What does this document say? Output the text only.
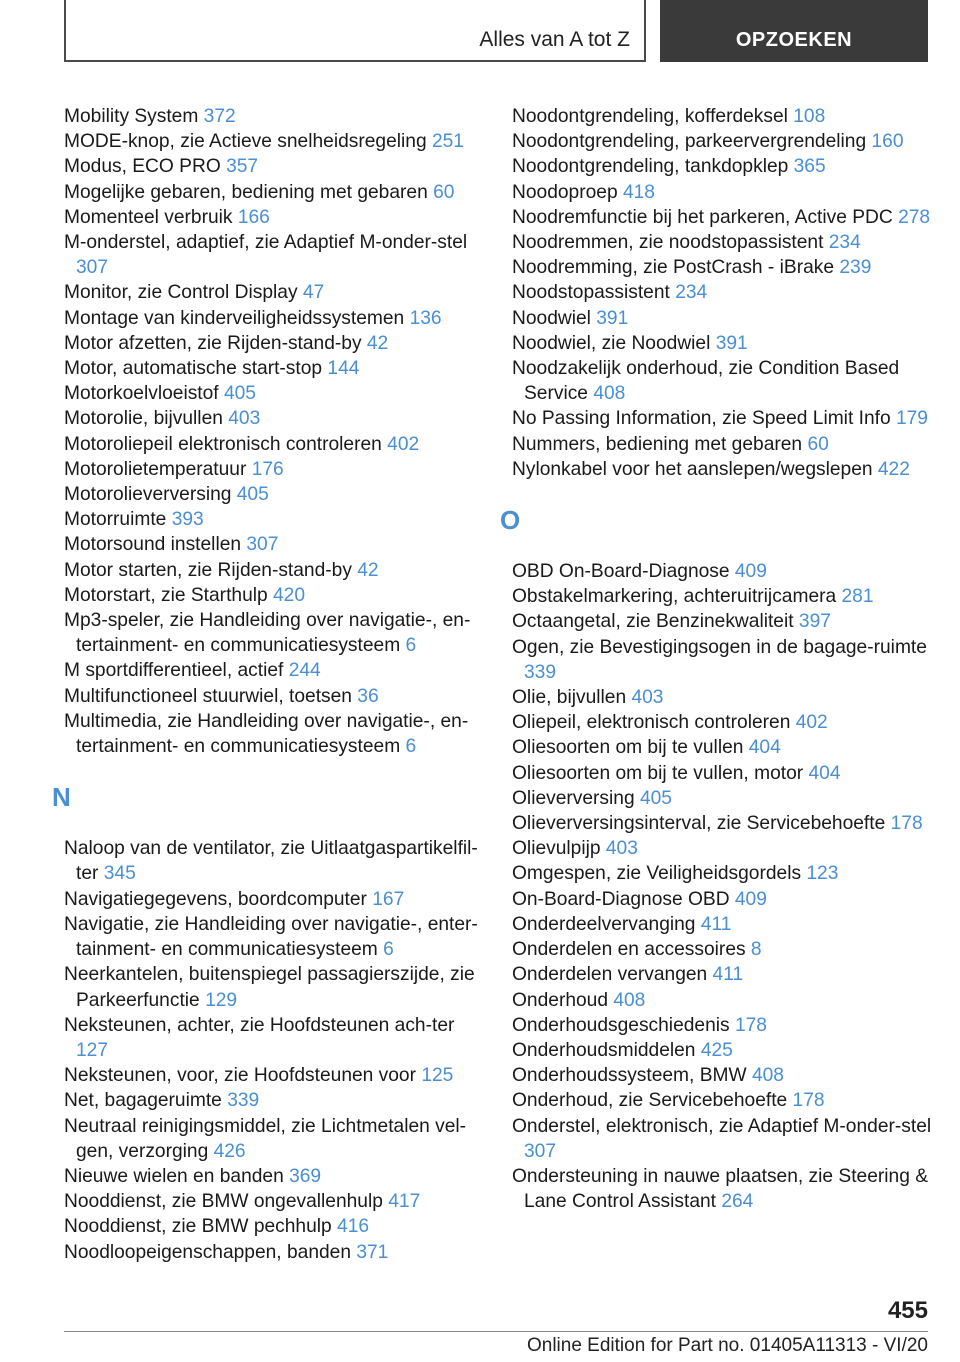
Alles van A tot Z	OPZOEKEN
Mobility System 372
MODE-knop, zie Actieve snelheidsregeling 251
Modus, ECO PRO 357
Mogelijke gebaren, bediening met gebaren 60
Momenteel verbruik 166
M-onderstel, adaptief, zie Adaptief M-onder-stel 307
Monitor, zie Control Display 47
Montage van kinderveiligheidssystemen 136
Motor afzetten, zie Rijden-stand-by 42
Motor, automatische start-stop 144
Motorkoelvloeistof 405
Motorolie, bijvullen 403
Motoroliepeil elektronisch controleren 402
Motorolietemperatuur 176
Motorolieverversing 405
Motorruimte 393
Motorsound instellen 307
Motor starten, zie Rijden-stand-by 42
Motorstart, zie Starthulp 420
Mp3-speler, zie Handleiding over navigatie-, en-tertainment- en communicatiesysteem 6
M sportdifferentieel, actief 244
Multifunctioneel stuurwiel, toetsen 36
Multimedia, zie Handleiding over navigatie-, en-tertainment- en communicatiesysteem 6
N
Naloop van de ventilator, zie Uitlaatgaspartikelfil-ter 345
Navigatiegegevens, boordcomputer 167
Navigatie, zie Handleiding over navigatie-, enter-tainment- en communicatiesysteem 6
Neerkantelen, buitenspiegel passagierszijde, zie Parkeerfunctie 129
Neksteunen, achter, zie Hoofdsteunen ach-ter 127
Neksteunen, voor, zie Hoofdsteunen voor 125
Net, bagageruimte 339
Neutraal reinigingsmiddel, zie Lichtmetalen vel-gen, verzorging 426
Nieuwe wielen en banden 369
Nooddienst, zie BMW ongevallenhulp 417
Nooddienst, zie BMW pechhulp 416
Noodloopeigenschappen, banden 371
Noodontgrendeling, kofferdeksel 108
Noodontgrendeling, parkeervergrendeling 160
Noodontgrendeling, tankdopklep 365
Noodoproep 418
Noodremfunctie bij het parkeren, Active PDC 278
Noodremmen, zie noodstopassistent 234
Noodremming, zie PostCrash - iBrake 239
Noodstopassistent 234
Noodwiel 391
Noodwiel, zie Noodwiel 391
Noodzakelijk onderhoud, zie Condition Based Service 408
No Passing Information, zie Speed Limit Info 179
Nummers, bediening met gebaren 60
Nylonkabel voor het aanslepen/wegslepen 422
O
OBD On-Board-Diagnose 409
Obstakelmarkering, achteruitrijcamera 281
Octaangetal, zie Benzinekwaliteit 397
Ogen, zie Bevestigingsogen in de bagage-ruimte 339
Olie, bijvullen 403
Oliepeil, elektronisch controleren 402
Oliesoorten om bij te vullen 404
Oliesoorten om bij te vullen, motor 404
Olieverversing 405
Olieverversingsinterval, zie Servicebehoefte 178
Olievulpijp 403
Omgespen, zie Veiligheidsgordels 123
On-Board-Diagnose OBD 409
Onderdeelvervanging 411
Onderdelen en accessoires 8
Onderdelen vervangen 411
Onderhoud 408
Onderhoudsgeschiedenis 178
Onderhoudsmiddelen 425
Onderhoudssysteem, BMW 408
Onderhoud, zie Servicebehoefte 178
Onderstel, elektronisch, zie Adaptief M-onder-stel 307
Ondersteuning in nauwe plaatsen, zie Steering & Lane Control Assistant 264
455
Online Edition for Part no. 01405A11313 - VI/20
